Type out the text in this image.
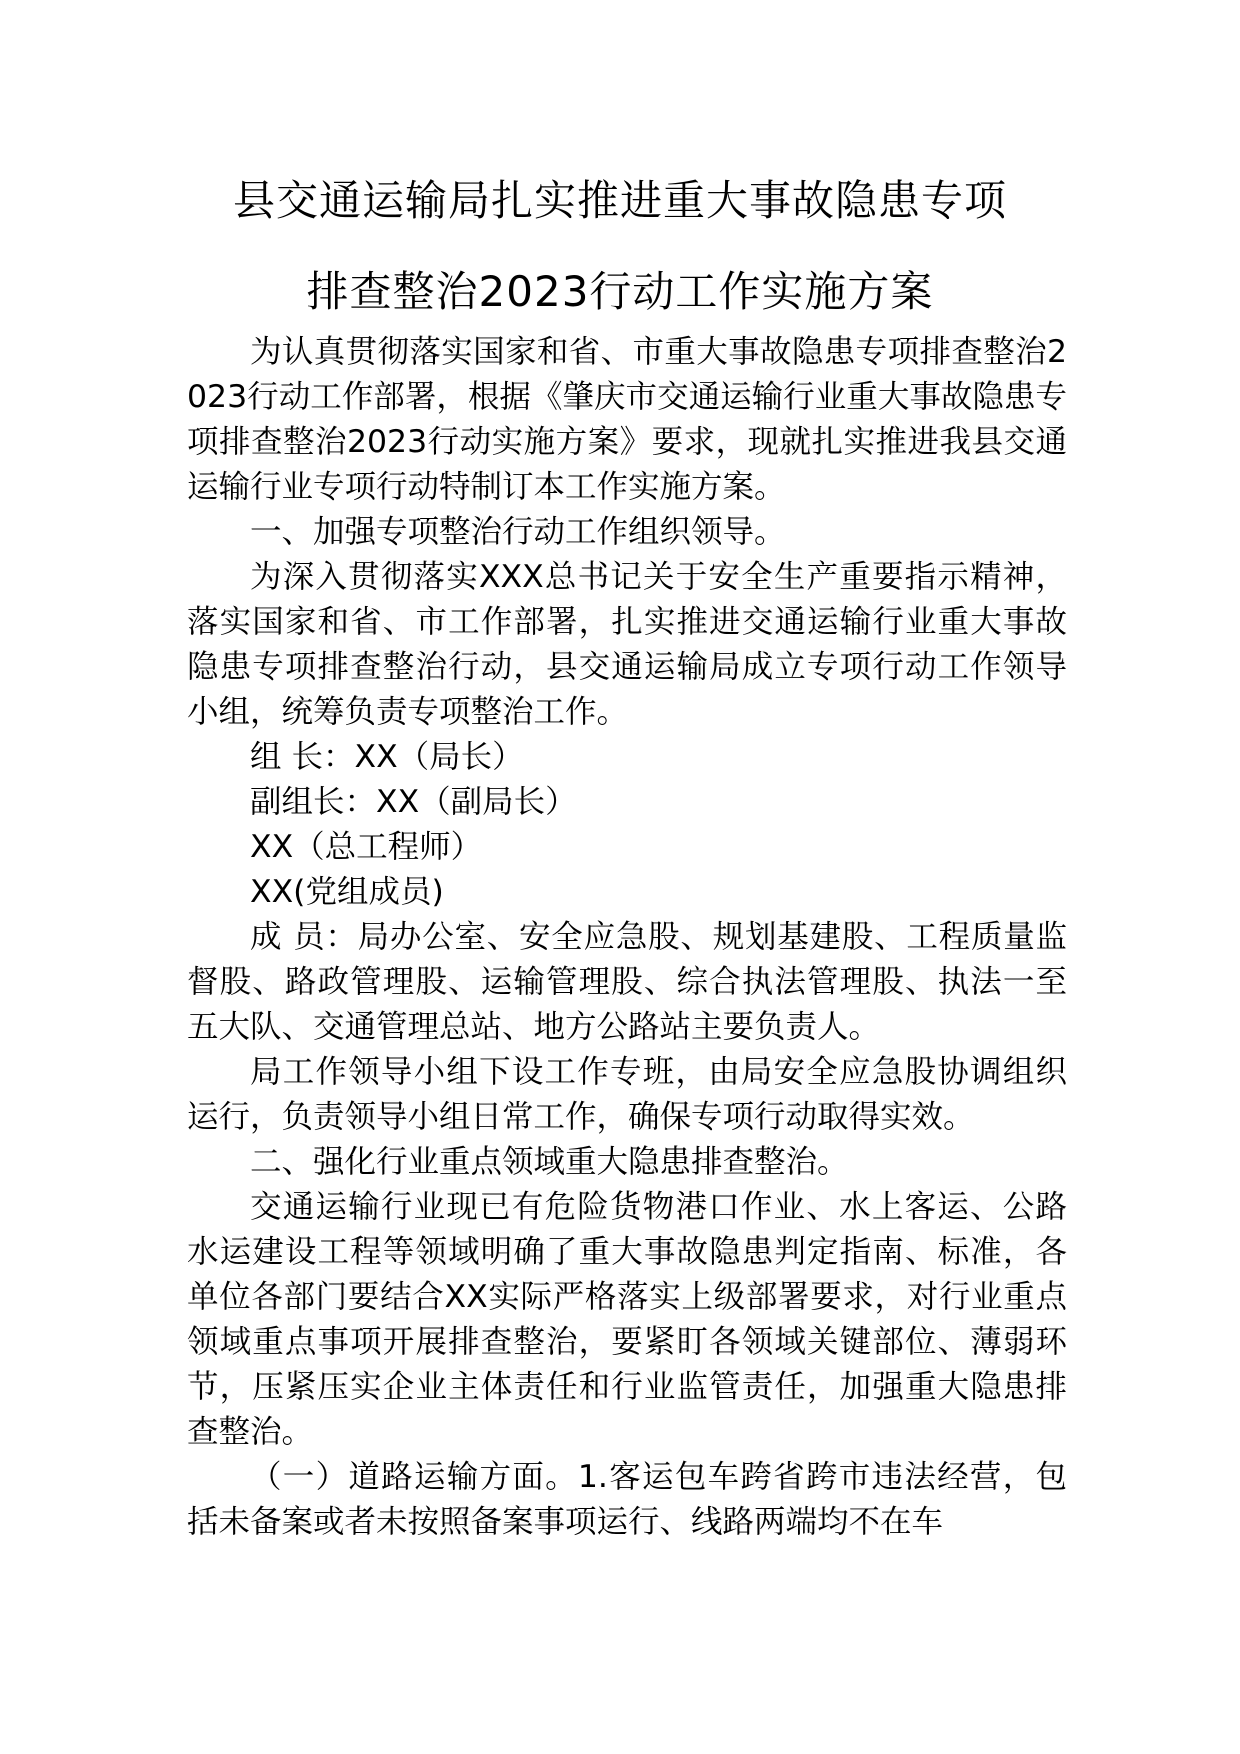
县交通运输局扎实推进重大事故隐患专项
排查整治2023行动工作实施方案

为认真贯彻落实国家和省、市重大事故隐患专项排查整治2023行动工作部署，根据《肇庆市交通运输行业重大事故隐患专项排查整治2023行动实施方案》要求，现就扎实推进我县交通运输行业专项行动特制订本工作实施方案。

一、加强专项整治行动工作组织领导。

为深入贯彻落实XXX总书记关于安全生产重要指示精神，落实国家和省、市工作部署，扎实推进交通运输行业重大事故隐患专项排查整治行动，县交通运输局成立专项行动工作领导小组，统筹负责专项整治工作。

组 长：XX（局长）

副组长：XX（副局长）

XX（总工程师）

XX(党组成员)

成 员：局办公室、安全应急股、规划基建股、工程质量监督股、路政管理股、运输管理股、综合执法管理股、执法一至五大队、交通管理总站、地方公路站主要负责人。

局工作领导小组下设工作专班，由局安全应急股协调组织运行，负责领导小组日常工作，确保专项行动取得实效。

二、强化行业重点领域重大隐患排查整治。

交通运输行业现已有危险货物港口作业、水上客运、公路水运建设工程等领域明确了重大事故隐患判定指南、标准，各单位各部门要结合XX实际严格落实上级部署要求，对行业重点领域重点事项开展排查整治，要紧盯各领域关键部位、薄弱环节，压紧压实企业主体责任和行业监管责任，加强重大隐患排查整治。

（一）道路运输方面。1.客运包车跨省跨市违法经营，包括未备案或者未按照备案事项运行、线路两端均不在车
